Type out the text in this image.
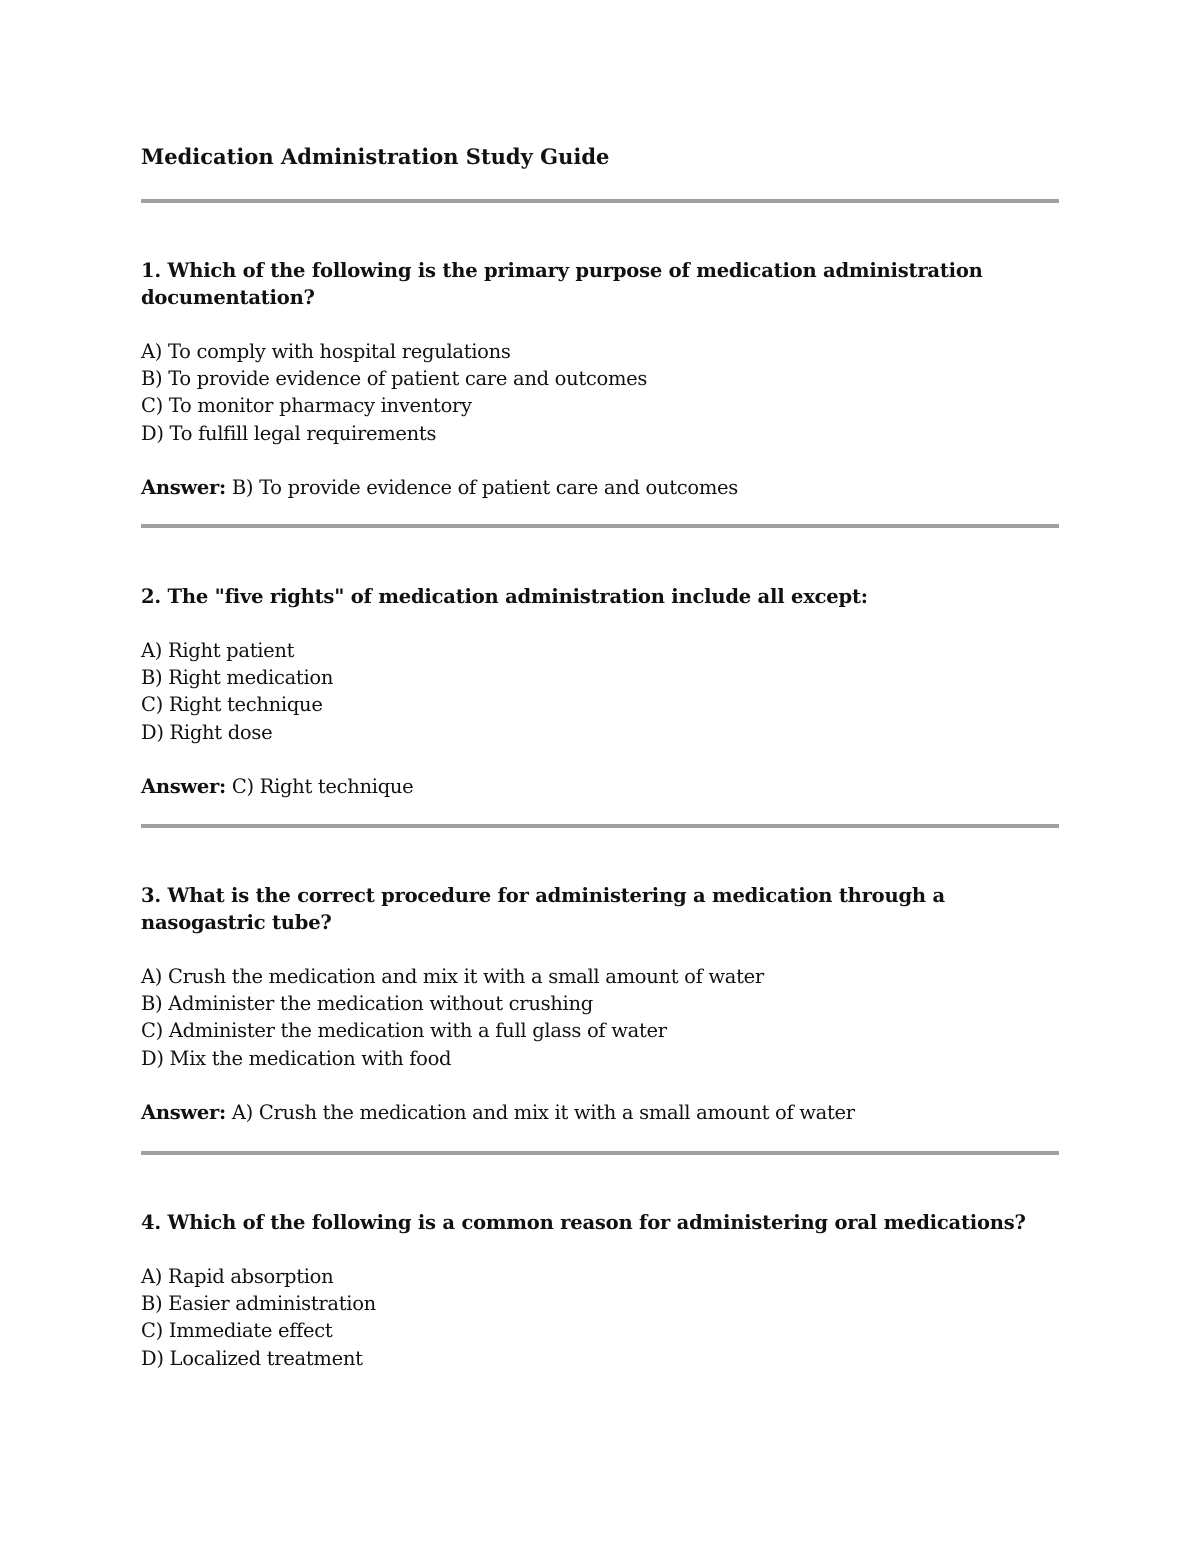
Medication Administration Study Guide

1. Which of the following is the primary purpose of medication administration documentation?

A) To comply with hospital regulations
B) To provide evidence of patient care and outcomes
C) To monitor pharmacy inventory
D) To fulfill legal requirements

Answer: B) To provide evidence of patient care and outcomes

2. The "five rights" of medication administration include all except:

A) Right patient
B) Right medication
C) Right technique
D) Right dose

Answer: C) Right technique

3. What is the correct procedure for administering a medication through a nasogastric tube?

A) Crush the medication and mix it with a small amount of water
B) Administer the medication without crushing
C) Administer the medication with a full glass of water
D) Mix the medication with food

Answer: A) Crush the medication and mix it with a small amount of water

4. Which of the following is a common reason for administering oral medications?

A) Rapid absorption
B) Easier administration
C) Immediate effect
D) Localized treatment
